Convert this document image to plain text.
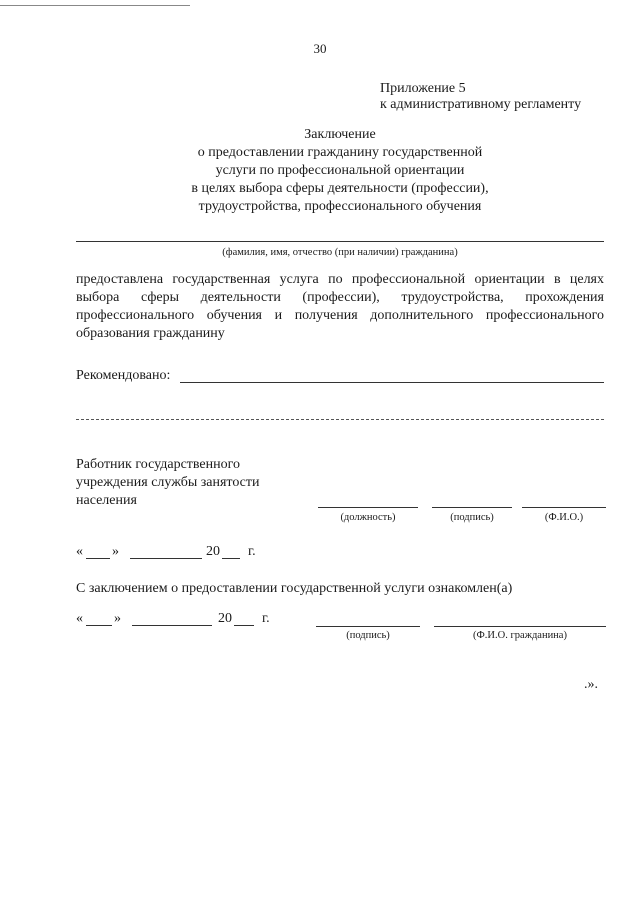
30
Приложение 5
к административному регламенту
Заключение
о предоставлении гражданину государственной
услуги по профессиональной ориентации
в целях выбора сферы деятельности (профессии),
трудоустройства, профессионального обучения
(фамилия, имя, отчество (при наличии) гражданина)
предоставлена государственная услуга по профессиональной ориентации в целях выбора сферы деятельности (профессии), трудоустройства, прохождения профессионального обучения и получения дополнительного профессионального образования гражданину
Рекомендовано:
Работник государственного
учреждения службы занятости
населения
(должность)	(подпись)	(Ф.И.О.)
« »	20 г.
С заключением о предоставлении государственной услуги ознакомлен(а)
« »	20 г.
(подпись)	(Ф.И.О. гражданина)
.».
